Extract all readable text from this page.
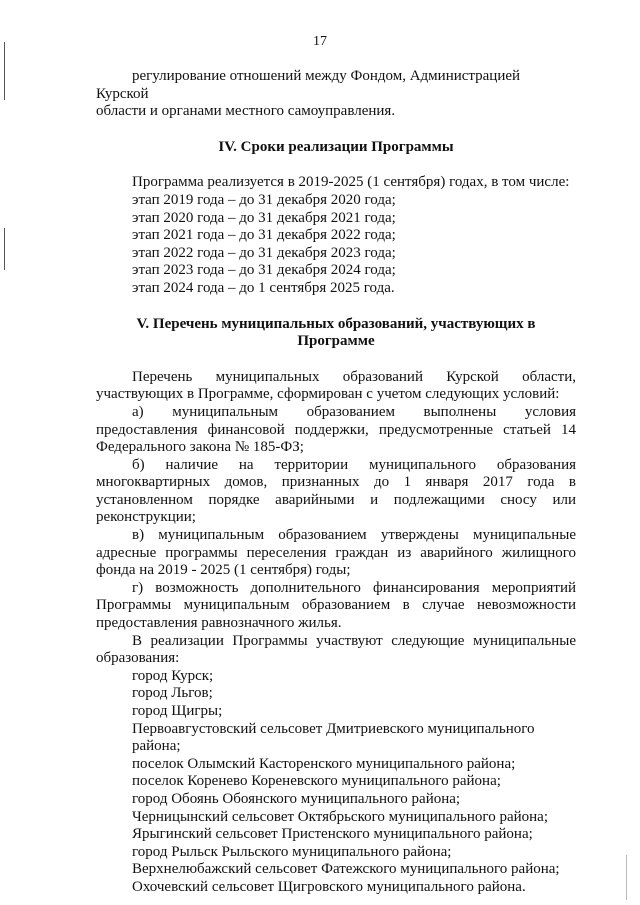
17

регулирование отношений между Фондом, Администрацией Курской

области и органами местного самоуправления.

IV. Сроки реализации Программы

Программа реализуется в 2019-2025 (1 сентября) годах, в том числе:

этап 2019 года – до 31 декабря 2020 года;

этап 2020 года – до 31 декабря 2021 года;

этап 2021 года – до 31 декабря 2022 года;

этап 2022 года – до 31 декабря 2023 года;

этап 2023 года – до 31 декабря 2024 года;

этап 2024 года – до 1 сентября 2025 года.

V. Перечень муниципальных образований, участвующих в

Программе

Перечень муниципальных образований Курской области, участвующих в Программе, сформирован с учетом следующих условий:

а) муниципальным образованием выполнены условия предоставления финансовой поддержки, предусмотренные статьей 14 Федерального закона № 185-ФЗ;

б) наличие на территории муниципального образования многоквартирных домов, признанных до 1 января 2017 года в установленном порядке аварийными и подлежащими сносу или реконструкции;

в) муниципальным образованием утверждены муниципальные адресные программы переселения граждан из аварийного жилищного фонда на 2019 - 2025 (1 сентября) годы;

г) возможность дополнительного финансирования мероприятий Программы муниципальным образованием в случае невозможности предоставления равнозначного жилья.

В реализации Программы участвуют следующие муниципальные образования:

город Курск;

город Льгов;

город Щигры;

Первоавгустовский сельсовет Дмитриевского муниципального района;

поселок Олымский Касторенского муниципального района;

поселок Коренево Кореневского муниципального района;

город Обоянь Обоянского муниципального района;

Черницынский сельсовет Октябрьского муниципального района;

Ярыгинский сельсовет Пристенского муниципального района;

город Рыльск Рыльского муниципального района;

Верхнелюбажский сельсовет Фатежского муниципального района;

Охочевский сельсовет Щигровского муниципального района.
